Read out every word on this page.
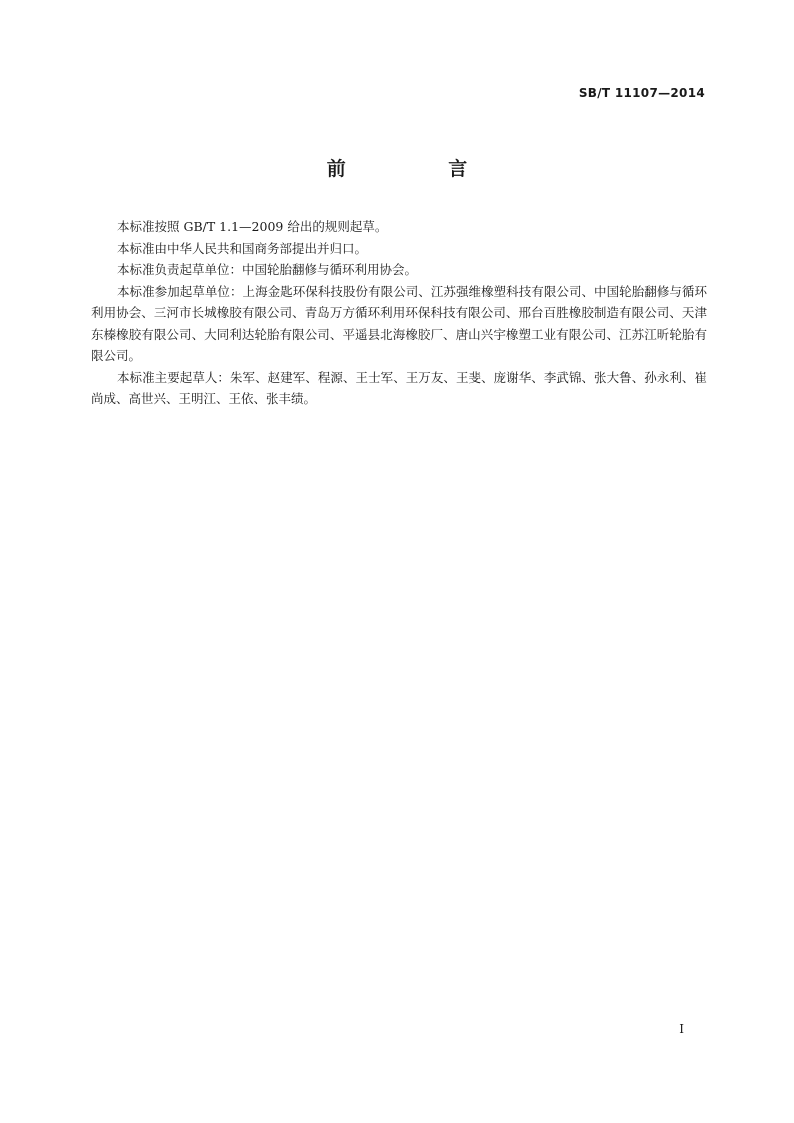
SB/T 11107—2014
前 言

本标准按照 GB/T 1.1—2009 给出的规则起草。

本标准由中华人民共和国商务部提出并归口。

本标准负责起草单位：中国轮胎翻修与循环利用协会。

本标准参加起草单位：上海金匙环保科技股份有限公司、江苏强维橡塑科技有限公司、中国轮胎翻修与循环利用协会、三河市长城橡胶有限公司、青岛万方循环利用环保科技有限公司、邢台百胜橡胶制造有限公司、天津东榛橡胶有限公司、大同利达轮胎有限公司、平遥县北海橡胶厂、唐山兴宇橡塑工业有限公司、江苏江昕轮胎有限公司。

本标准主要起草人：朱军、赵建军、程源、王士军、王万友、王斐、庞谢华、李武锦、张大鲁、孙永利、崔尚成、高世兴、王明江、王依、张丰绩。

I
